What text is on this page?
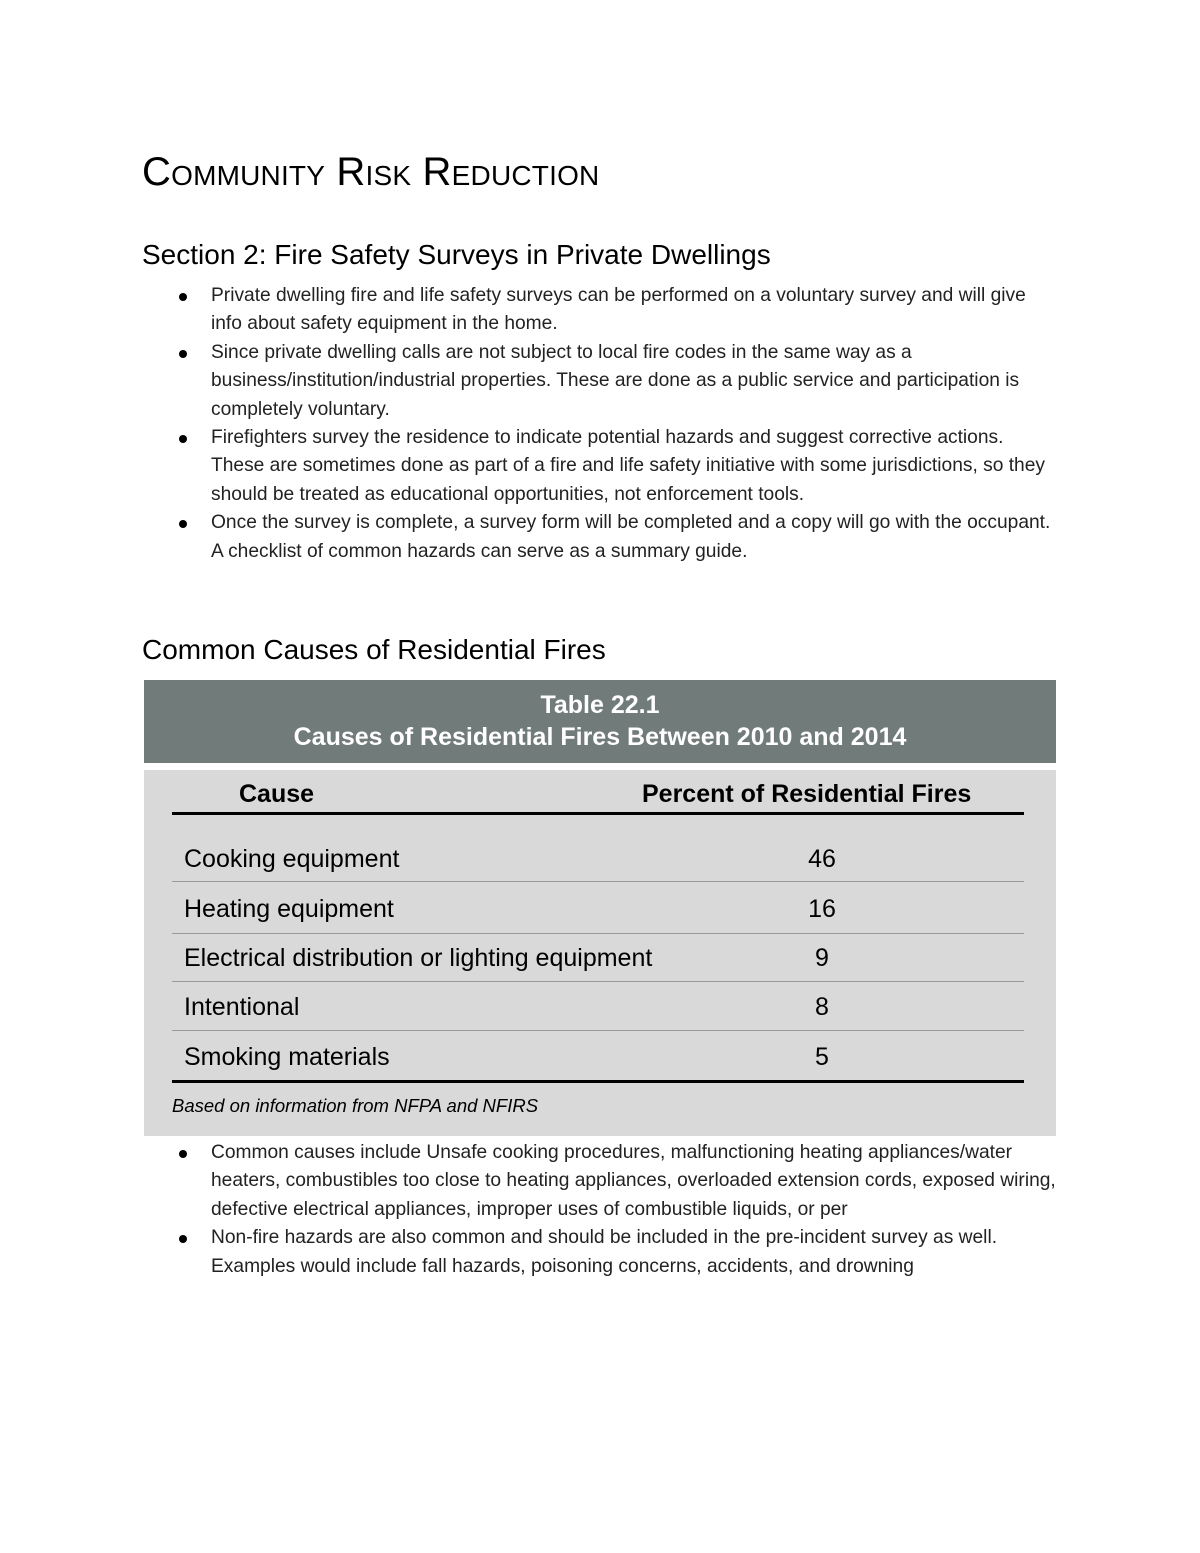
Community Risk Reduction
Section 2: Fire Safety Surveys in Private Dwellings
Private dwelling fire and life safety surveys can be performed on a voluntary survey and will give info about safety equipment in the home.
Since private dwelling calls are not subject to local fire codes in the same way as a business/institution/industrial properties. These are done as a public service and participation is completely voluntary.
Firefighters survey the residence to indicate potential hazards and suggest corrective actions. These are sometimes done as part of a fire and life safety initiative with some jurisdictions, so they should be treated as educational opportunities, not enforcement tools.
Once the survey is complete, a survey form will be completed and a copy will go with the occupant. A checklist of common hazards can serve as a summary guide.
Common Causes of Residential Fires
Table 22.1
Causes of Residential Fires Between 2010 and 2014
Cause	Percent of Residential Fires
Cooking equipment	46
Heating equipment	16
Electrical distribution or lighting equipment	9
Intentional	8
Smoking materials	5
Based on information from NFPA and NFIRS
Common causes include Unsafe cooking procedures, malfunctioning heating appliances/water heaters, combustibles too close to heating appliances, overloaded extension cords, exposed wiring, defective electrical appliances, improper uses of combustible liquids, or per
Non-fire hazards are also common and should be included in the pre-incident survey as well. Examples would include fall hazards, poisoning concerns, accidents, and drowning
